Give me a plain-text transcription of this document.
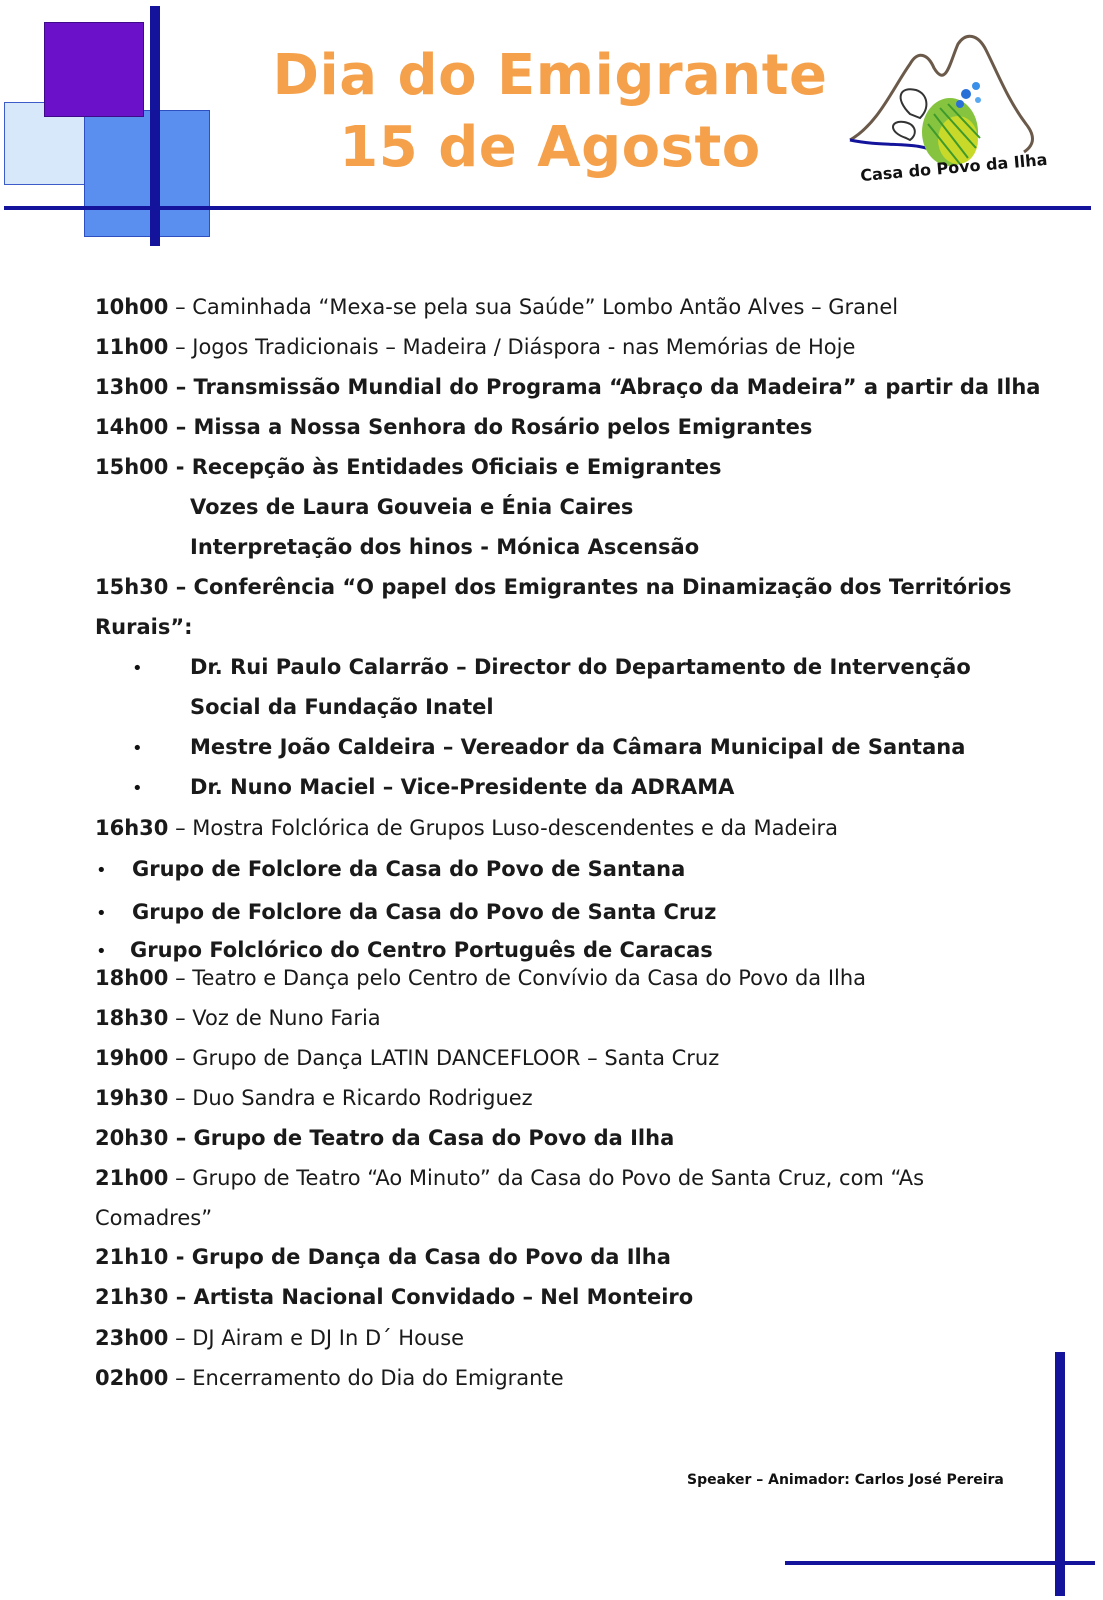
Dia do Emigrante
15 de Agosto	Casa do Povo da Ilha
10h00 – Caminhada “Mexa-se pela sua Saúde” Lombo Antão Alves – Granel
11h00 – Jogos Tradicionais – Madeira / Diáspora - nas Memórias de Hoje
13h00 – Transmissão Mundial do Programa “Abraço da Madeira” a partir da Ilha
14h00 – Missa a Nossa Senhora do Rosário pelos Emigrantes
15h00 - Recepção às Entidades Oficiais e Emigrantes
Vozes de Laura Gouveia e Énia Caires
Interpretação dos hinos - Mónica Ascensão
15h30 – Conferência “O papel dos Emigrantes na Dinamização dos Territórios
Rurais”:
• Dr. Rui Paulo Calarrão – Director do Departamento de Intervenção
Social da Fundação Inatel
• Mestre João Caldeira – Vereador da Câmara Municipal de Santana
• Dr. Nuno Maciel – Vice-Presidente da ADRAMA
16h30 – Mostra Folclórica de Grupos Luso-descendentes e da Madeira
• Grupo de Folclore da Casa do Povo de Santana
• Grupo de Folclore da Casa do Povo de Santa Cruz
• Grupo Folclórico do Centro Português de Caracas
18h00 – Teatro e Dança pelo Centro de Convívio da Casa do Povo da Ilha
18h30 – Voz de Nuno Faria
19h00 – Grupo de Dança LATIN DANCEFLOOR – Santa Cruz
19h30 – Duo Sandra e Ricardo Rodriguez
20h30 – Grupo de Teatro da Casa do Povo da Ilha
21h00 – Grupo de Teatro “Ao Minuto” da Casa do Povo de Santa Cruz, com “As
Comadres”
21h10 - Grupo de Dança da Casa do Povo da Ilha
21h30 – Artista Nacional Convidado – Nel Monteiro
23h00 – DJ Airam e DJ In D´ House
02h00 – Encerramento do Dia do Emigrante
Speaker – Animador: Carlos José Pereira
